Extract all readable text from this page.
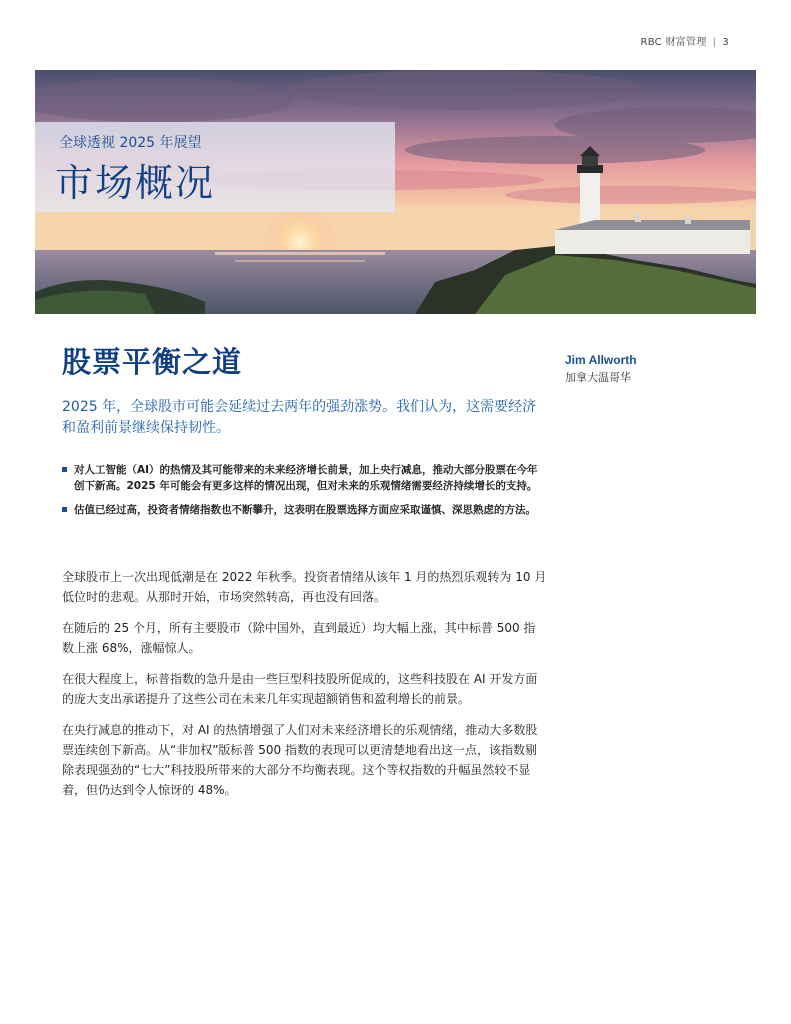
RBC 财富管理 | 3
全球透视 2025 年展望
市场概况
股票平衡之道	Jim Allworth
加拿大温哥华
2025 年，全球股市可能会延续过去两年的强劲涨势。我们认为，这需要经济和盈利前景继续保持韧性。
对人工智能（AI）的热情及其可能带来的未来经济增长前景，加上央行减息，推动大部分股票在今年创下新高。2025 年可能会有更多这样的情况出现，但对未来的乐观情绪需要经济持续增长的支持。
估值已经过高，投资者情绪指数也不断攀升，这表明在股票选择方面应采取谨慎、深思熟虑的方法。

全球股市上一次出现低潮是在 2022 年秋季。投资者情绪从该年 1 月的热烈乐观转为 10 月低位时的悲观。从那时开始，市场突然转高，再也没有回落。

在随后的 25 个月，所有主要股市（除中国外，直到最近）均大幅上涨，其中标普 500 指数上涨 68%，涨幅惊人。

在很大程度上，标普指数的急升是由一些巨型科技股所促成的，这些科技股在 AI 开发方面的庞大支出承诺提升了这些公司在未来几年实现超额销售和盈利增长的前景。

在央行减息的推动下，对 AI 的热情增强了人们对未来经济增长的乐观情绪，推动大多数股票连续创下新高。从“非加权”版标普 500 指数的表现可以更清楚地看出这一点，该指数剔除表现强劲的“七大”科技股所带来的大部分不均衡表现。这个等权指数的升幅虽然较不显着，但仍达到令人惊讶的 48%。
